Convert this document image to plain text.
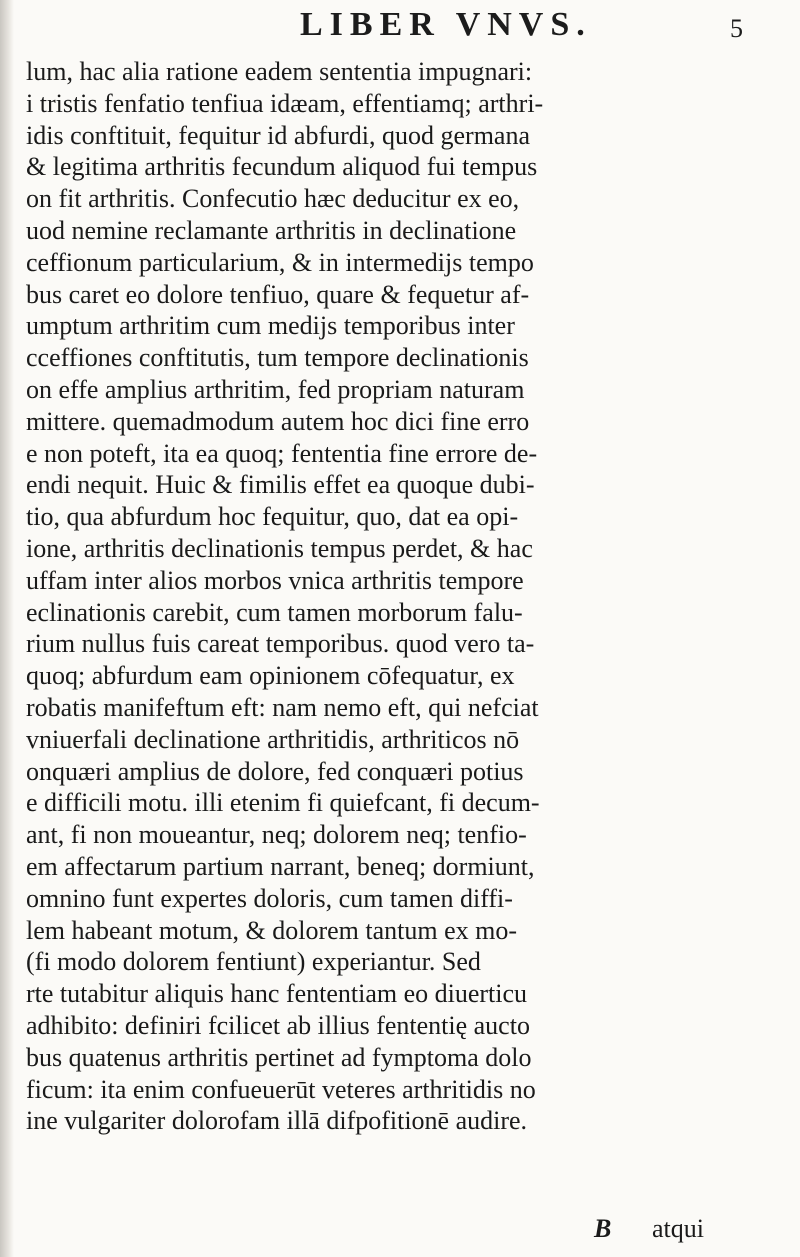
LIBER VNVS.	5
lum, hac alia ratione eadem sententia impugnari:
i tristis fenfatio tenfiua idæam, effentiamq; arthri-
idis conftituit, fequitur id abfurdi, quod germana
& legitima arthritis fecundum aliquod fui tempus
on fit arthritis. Confecutio hæc deducitur ex eo,
uod nemine reclamante arthritis in declinatione
ceffionum particularium, & in intermedijs tempo
bus caret eo dolore tenfiuo, quare & fequetur af-
umptum arthritim cum medijs temporibus inter
cceffiones conftitutis, tum tempore declinationis
on effe amplius arthritim, fed propriam naturam
mittere. quemadmodum autem hoc dici fine erro
e non poteft, ita ea quoq; fententia fine errore de-
endi nequit. Huic & fimilis effet ea quoque dubi-
tio, qua abfurdum hoc fequitur, quo, dat ea opi-
ione, arthritis declinationis tempus perdet, & hac
uffam inter alios morbos vnica arthritis tempore
eclinationis carebit, cum tamen morborum falu-
rium nullus fuis careat temporibus. quod vero ta-
quoq; abfurdum eam opinionem cōfequatur, ex
robatis manifeftum eft: nam nemo eft, qui nefciat
vniuerfali declinatione arthritidis, arthriticos nō
onquæri amplius de dolore, fed conquæri potius
e difficili motu. illi etenim fi quiefcant, fi decum-
ant, fi non moueantur, neq; dolorem neq; tenfio-
em affectarum partium narrant, beneq; dormiunt,
omnino funt expertes doloris, cum tamen diffi-
lem habeant motum, & dolorem tantum ex mo-
(fi modo dolorem fentiunt) experiantur. Sed
rte tutabitur aliquis hanc fententiam eo diuerticu
adhibito: definiri fcilicet ab illius fententię aucto
bus quatenus arthritis pertinet ad fymptoma dolo
ficum: ita enim confueuerūt veteres arthritidis no
ine vulgariter dolorofam illā difpofitionē audire.
B atqui
